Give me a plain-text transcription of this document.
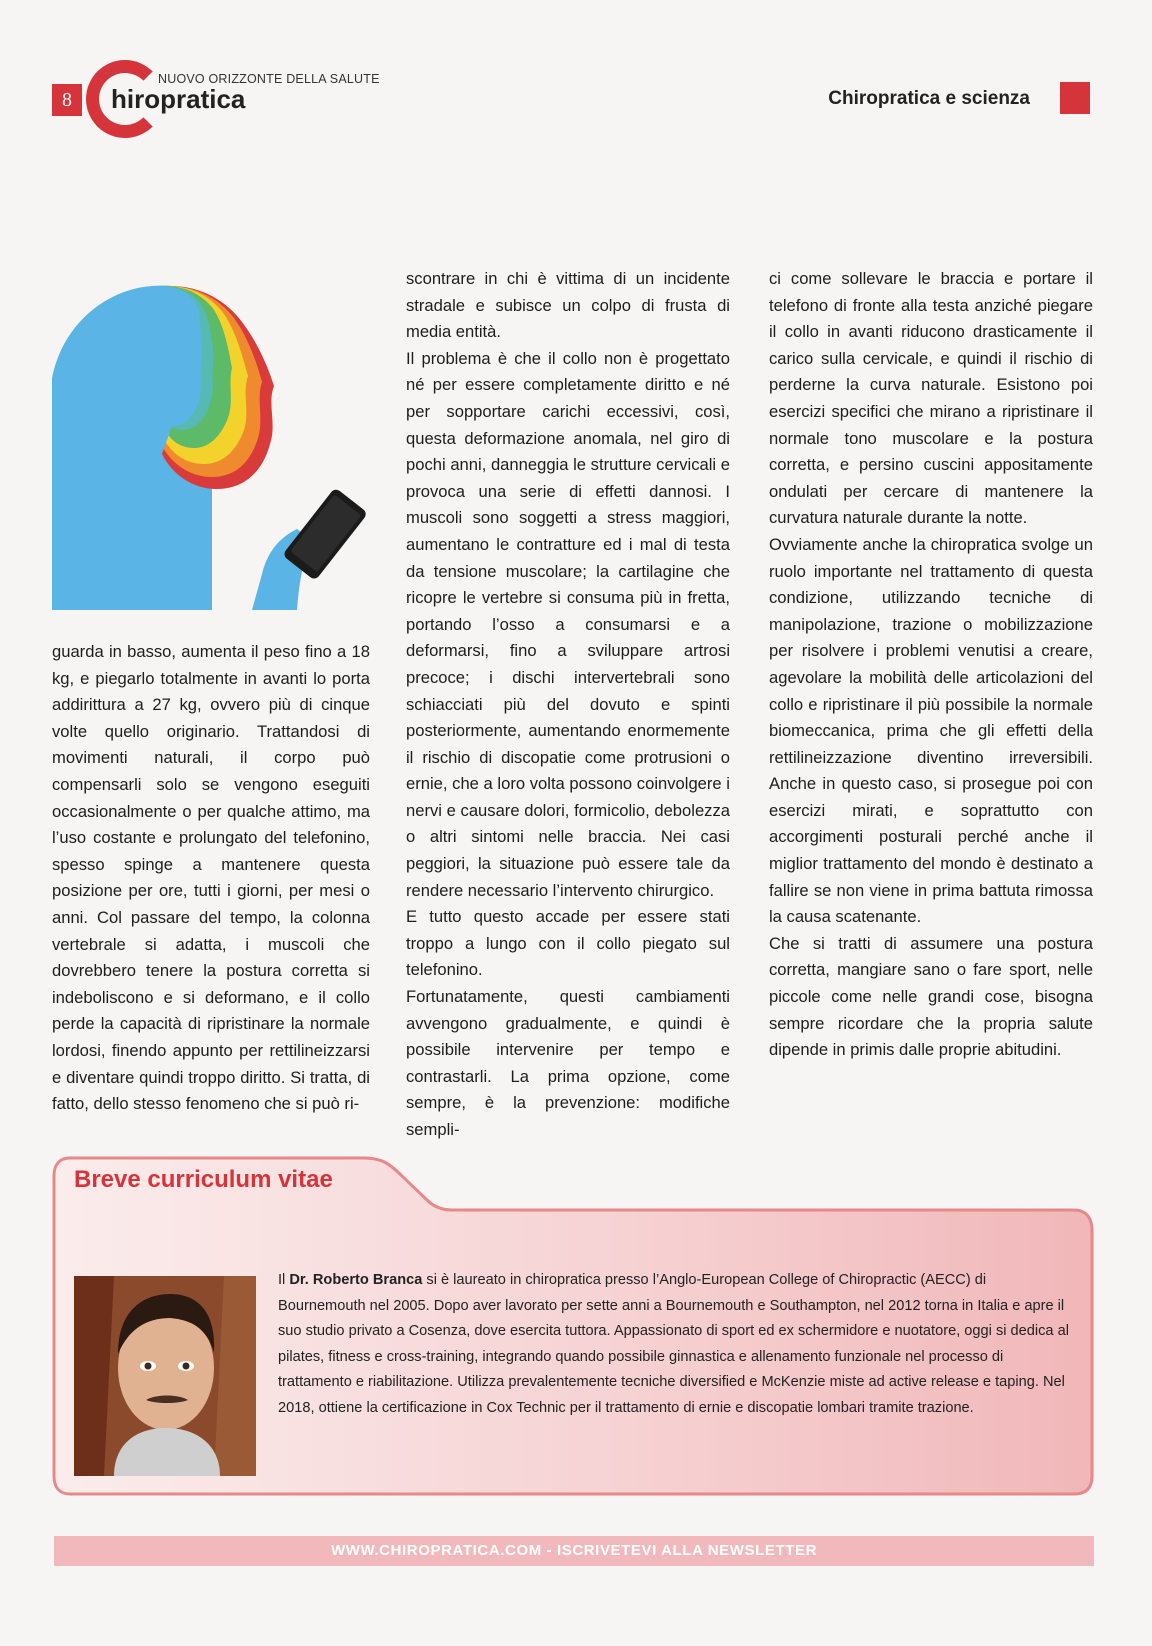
8
NUOVO ORIZZONTE DELLA SALUTE
hiropratica	Chiropratica e scienza

guarda in basso, aumenta il peso fino a 18 kg, e piegarlo totalmente in avanti lo porta addirittura a 27 kg, ovvero più di cinque volte quello originario. Trattandosi di movimenti naturali, il corpo può compensarli solo se vengono eseguiti occasionalmente o per qualche attimo, ma l’uso costante e prolungato del telefonino, spesso spinge a mantenere questa posizione per ore, tutti i giorni, per mesi o anni. Col passare del tempo, la colonna vertebrale si adatta, i muscoli che dovrebbero tenere la postura corretta si indeboliscono e si deformano, e il collo perde la capacità di ripristinare la normale lordosi, finendo appunto per rettilineizzarsi e diventare quindi troppo diritto. Si tratta, di fatto, dello stesso fenomeno che si può ri-

scontrare in chi è vittima di un incidente stradale e subisce un colpo di frusta di media entità.

Il problema è che il collo non è progettato né per essere completamente diritto e né per sopportare carichi eccessivi, così, questa deformazione anomala, nel giro di pochi anni, danneggia le strutture cervicali e provoca una serie di effetti dannosi. I muscoli sono soggetti a stress maggiori, aumentano le contratture ed i mal di testa da tensione muscolare; la cartilagine che ricopre le vertebre si consuma più in fretta, portando l’osso a consumarsi e a deformarsi, fino a sviluppare artrosi precoce; i dischi intervertebrali sono schiacciati più del dovuto e spinti posteriormente, aumentando enormemente il rischio di discopatie come protrusioni o ernie, che a loro volta possono coinvolgere i nervi e causare dolori, formicolio, debolezza o altri sintomi nelle braccia. Nei casi peggiori, la situazione può essere tale da rendere necessario l’intervento chirurgico.

E tutto questo accade per essere stati troppo a lungo con il collo piegato sul telefonino.

Fortunatamente, questi cambiamenti avvengono gradualmente, e quindi è possibile intervenire per tempo e contrastarli. La prima opzione, come sempre, è la prevenzione: modifiche sempli-

ci come sollevare le braccia e portare il telefono di fronte alla testa anziché piegare il collo in avanti riducono drasticamente il carico sulla cervicale, e quindi il rischio di perderne la curva naturale. Esistono poi esercizi specifici che mirano a ripristinare il normale tono muscolare e la postura corretta, e persino cuscini appositamente ondulati per cercare di mantenere la curvatura naturale durante la notte.

Ovviamente anche la chiropratica svolge un ruolo importante nel trattamento di questa condizione, utilizzando tecniche di manipolazione, trazione o mobilizzazione per risolvere i problemi venutisi a creare, agevolare la mobilità delle articolazioni del collo e ripristinare il più possibile la normale biomeccanica, prima che gli effetti della rettilineizzazione diventino irreversibili. Anche in questo caso, si prosegue poi con esercizi mirati, e soprattutto con accorgimenti posturali perché anche il miglior trattamento del mondo è destinato a fallire se non viene in prima battuta rimossa la causa scatenante.

Che si tratti di assumere una postura corretta, mangiare sano o fare sport, nelle piccole come nelle grandi cose, bisogna sempre ricordare che la propria salute dipende in primis dalle proprie abitudini.

Breve curriculum vitae
Il Dr. Roberto Branca si è laureato in chiropratica presso l’Anglo-European College of Chiropractic (AECC) di Bournemouth nel 2005. Dopo aver lavorato per sette anni a Bournemouth e Southampton, nel 2012 torna in Italia e apre il suo studio privato a Cosenza, dove esercita tuttora. Appassionato di sport ed ex schermidore e nuotatore, oggi si dedica al pilates, fitness e cross-training, integrando quando possibile ginnastica e allenamento funzionale nel processo di trattamento e riabilitazione. Utilizza prevalentemente tecniche diversified e McKenzie miste ad active release e taping. Nel 2018, ottiene la certificazione in Cox Technic per il trattamento di ernie e discopatie lombari tramite trazione.
WWW.CHIROPRATICA.COM - ISCRIVETEVI ALLA NEWSLETTER
